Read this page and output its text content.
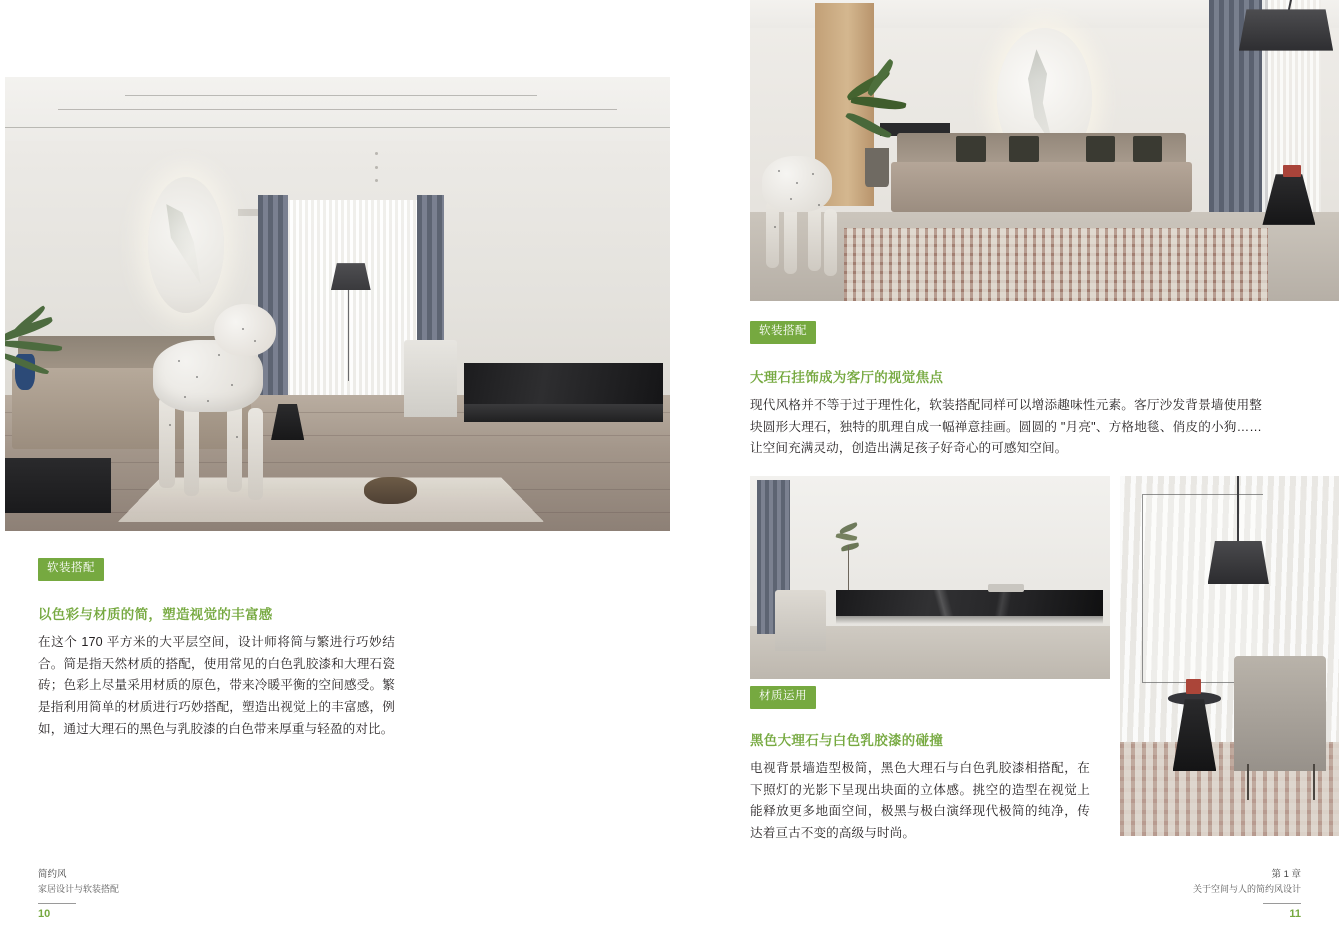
软装搭配
以色彩与材质的简，塑造视觉的丰富感

在这个 170 平方米的大平层空间，设计师将简与繁进行巧妙结合。简是指天然材质的搭配，使用常见的白色乳胶漆和大理石瓷砖；色彩上尽量采用材质的原色，带来冷暖平衡的空间感受。繁是指利用简单的材质进行巧妙搭配，塑造出视觉上的丰富感，例如，通过大理石的黑色与乳胶漆的白色带来厚重与轻盈的对比。

简约风
家居设计与软装搭配
10
软装搭配
大理石挂饰成为客厅的视觉焦点

现代风格并不等于过于理性化，软装搭配同样可以增添趣味性元素。客厅沙发背景墙使用整块圆形大理石，独特的肌理自成一幅禅意挂画。圆圆的 "月亮"、方格地毯、俏皮的小狗……让空间充满灵动，创造出满足孩子好奇心的可感知空间。

材质运用
黑色大理石与白色乳胶漆的碰撞

电视背景墙造型极简，黑色大理石与白色乳胶漆相搭配，在下照灯的光影下呈现出块面的立体感。挑空的造型在视觉上能释放更多地面空间，极黑与极白演绎现代极简的纯净，传达着亘古不变的高级与时尚。

第 1 章
关于空间与人的简约风设计
11
